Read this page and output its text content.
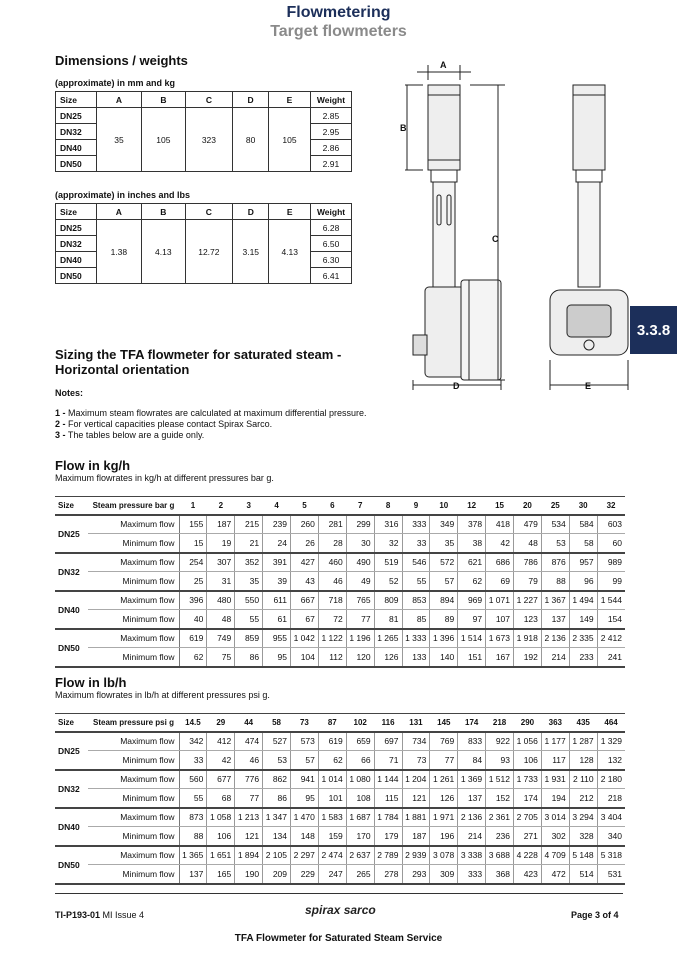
Flowmetering
Target flowmeters
Dimensions / weights
(approximate) in mm and kg
Size	A	B	C	D	E	Weight
DN25	35	105	323	80	105	2.85
DN32						2.95
DN40						2.86
DN50						2.91
(approximate) in inches and lbs
Size	A	B	C	D	E	Weight
DN25	1.38	4.13	12.72	3.15	4.13	6.28
DN32						6.50
DN40						6.30
DN50						6.41
A
B
C
D	E
3.3.8
Sizing the TFA flowmeter for saturated steam -
Horizontal orientation
Notes:
1 - Maximum steam flowrates are calculated at maximum differential pressure.
2 - For vertical capacities please contact Spirax Sarco.
3 - The tables below are a guide only.
Flow in kg/h
Maximum flowrates in kg/h at different pressures bar g.
Size	Steam pressure bar g	1	2	3	4	5	6	7	8	9	10	12	15	20	25	30	32
DN25	Maximum flow	155	187	215	239	260	281	299	316	333	349	378	418	479	534	584	603
	Minimum flow	15	19	21	24	26	28	30	32	33	35	38	42	48	53	58	60
DN32	Maximum flow	254	307	352	391	427	460	490	519	546	572	621	686	786	876	957	989
	Minimum flow	25	31	35	39	43	46	49	52	55	57	62	69	79	88	96	99
DN40	Maximum flow	396	480	550	611	667	718	765	809	853	894	969	1 071	1 227	1 367	1 494	1 544
	Minimum flow	40	48	55	61	67	72	77	81	85	89	97	107	123	137	149	154
DN50	Maximum flow	619	749	859	955	1 042	1 122	1 196	1 265	1 333	1 396	1 514	1 673	1 918	2 136	2 335	2 412
	Minimum flow	62	75	86	95	104	112	120	126	133	140	151	167	192	214	233	241
Flow in lb/h
Maximum flowrates in lb/h at different pressures psi g.
Size	Steam pressure psi g	14.5	29	44	58	73	87	102	116	131	145	174	218	290	363	435	464
DN25	Maximum flow	342	412	474	527	573	619	659	697	734	769	833	922	1 056	1 177	1 287	1 329
	Minimum flow	33	42	46	53	57	62	66	71	73	77	84	93	106	117	128	132
DN32	Maximum flow	560	677	776	862	941	1 014	1 080	1 144	1 204	1 261	1 369	1 512	1 733	1 931	2 110	2 180
	Minimum flow	55	68	77	86	95	101	108	115	121	126	137	152	174	194	212	218
DN40	Maximum flow	873	1 058	1 213	1 347	1 470	1 583	1 687	1 784	1 881	1 971	2 136	2 361	2 705	3 014	3 294	3 404
	Minimum flow	88	106	121	134	148	159	170	179	187	196	214	236	271	302	328	340
DN50	Maximum flow	1 365	1 651	1 894	2 105	2 297	2 474	2 637	2 789	2 939	3 078	3 338	3 688	4 228	4 709	5 148	5 318
	Minimum flow	137	165	190	209	229	247	265	278	293	309	333	368	423	472	514	531
TI-P193-01 MI Issue 4	spirax sarco	Page 3 of 4
TFA Flowmeter for Saturated Steam Service
